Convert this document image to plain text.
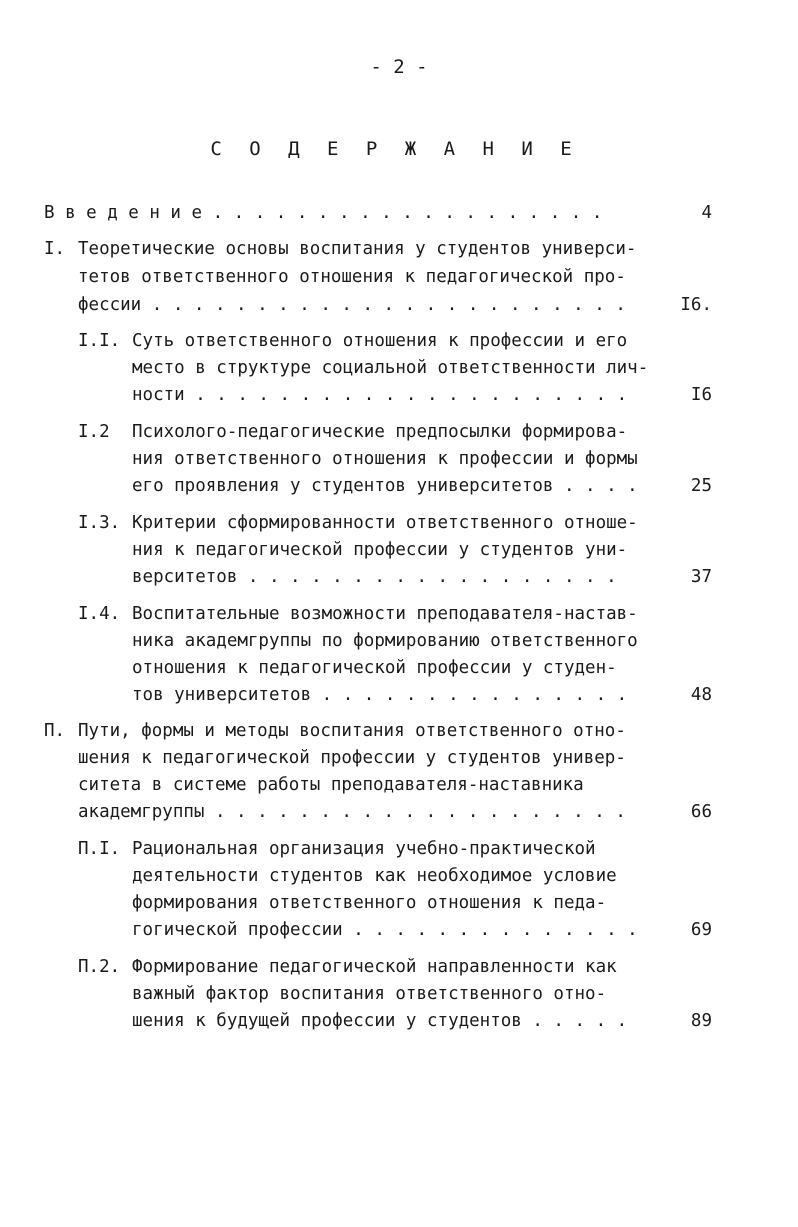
- 2 -
С О Д Е Р Ж А Н И Е
В в е д е н и е . . . . . . . . . . . . . . . . . . .	4
I. Теоретические основы воспитания у студентов универси-
тетов ответственного отношения к педагогической про-
фессии . . . . . . . . . . . . . . . . . . . . . . .	I6.
I.I. Суть ответственного отношения к профессии и его
место в структуре социальной ответственности лич-
ности . . . . . . . . . . . . . . . . . . . . .	I6
I.2 Психолого-педагогические предпосылки формирова-
ния ответственного отношения к профессии и формы
его проявления у студентов университетов . . . .	25
I.3. Критерии сформированности ответственного отноше-
ния к педагогической профессии у студентов уни-
верситетов . . . . . . . . . . . . . . . . . .	37
I.4. Воспитательные возможности преподавателя-настав-
ника академгруппы по формированию ответственного
отношения к педагогической профессии у студен-
тов университетов . . . . . . . . . . . . . . .	48
П. Пути, формы и методы воспитания ответственного отно-
шения к педагогической профессии у студентов универ-
ситета в системе работы преподавателя-наставника
академгруппы . . . . . . . . . . . . . . . . . . . .	66
П.I. Рациональная организация учебно-практической
деятельности студентов как необходимое условие
формирования ответственного отношения к педа-
гогической профессии . . . . . . . . . . . . . .	69
П.2. Формирование педагогической направленности как
важный фактор воспитания ответственного отно-
шения к будущей профессии у студентов . . . . .	89
